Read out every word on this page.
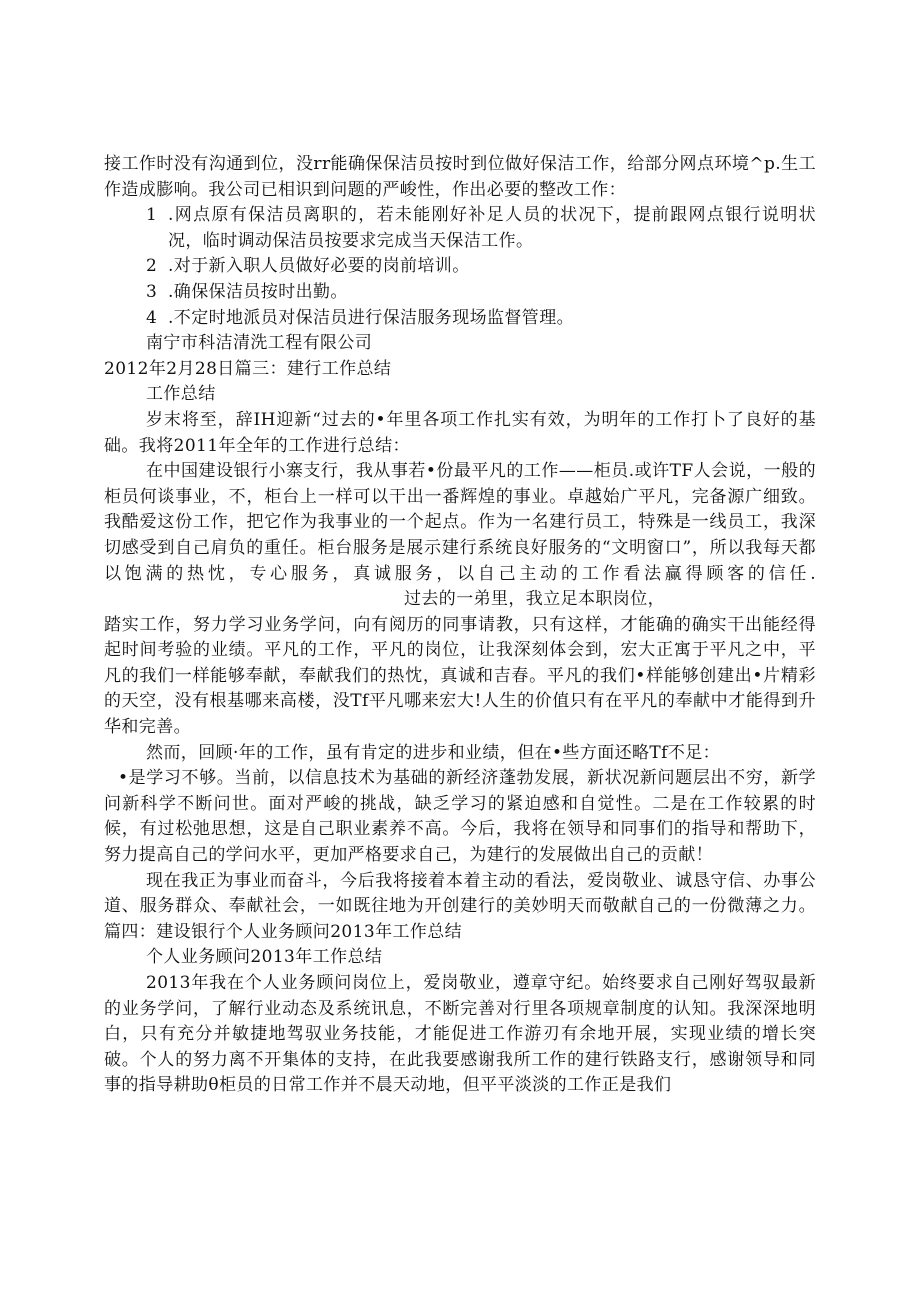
接工作时没有沟通到位，没rr能确保保洁员按时到位做好保洁工作，给部分网点环境^p.生工作造成膨响。我公司已相识到问题的严峻性，作出必要的整改工作：

1 .网点原有保洁员离职的，若未能刚好补足人员的状况下，提前跟网点银行说明状况，临时调动保洁员按要求完成当天保洁工作。

2 .对于新入职人员做好必要的岗前培训。

3 .确保保洁员按时出勤。

4 .不定时地派员对保洁员进行保洁服务现场监督管理。

南宁市科洁清洗工程有限公司

2012年2月28日篇三：建行工作总结

工作总结

岁末将至，辞IH迎新“过去的•年里各项工作扎实有效，为明年的工作打卜了良好的基础。我将2011年全年的工作进行总结：

在中国建设银行小寨支行，我从事若•份最平凡的工作——柜员.或许TF人会说，一般的柜员何谈事业，不，柜台上一样可以干出一番辉煌的事业。卓越始广平凡，完备源广细致。我酷爱这份工作，把它作为我事业的一个起点。作为一名建行员工，特殊是一线员工，我深切感受到自己肩负的重任。柜台服务是展示建行系统良好服务的“文明窗口”，所以我每天都以饱满的热忱，专心服务，真诚服务，以自己主动的工作看法赢得顾客的信任.过去的一弟里，我立足本职岗位，

踏实工作，努力学习业务学问，向有阅历的同事请教，只有这样，才能确的确实干出能经得起时间考验的业绩。平凡的工作，平凡的岗位，让我深刻体会到，宏大正寓于平凡之中，平凡的我们一样能够奉献，奉献我们的热忱，真诚和吉春。平凡的我们•样能够创建出•片精彩的天空，没有根基哪来高楼，没Tf平凡哪来宏大!人生的价值只有在平凡的奉献中才能得到升华和完善。

然而，回顾·年的工作，虽有肯定的进步和业绩，但在•些方面还略Tf不足：

•是学习不够。当前，以信息技术为基础的新经济蓬勃发展，新状况新问题层出不穷，新学问新科学不断问世。面对严峻的挑战，缺乏学习的紧迫感和自觉性。二是在工作较累的时候，有过松弛思想，这是自己职业素养不高。今后，我将在领导和同事们的指导和帮助下，努力提高自己的学问水平，更加严格要求自己，为建行的发展做出自己的贡献！

现在我正为事业而奋斗，今后我将接着本着主动的看法，爱岗敬业、诚恳守信、办事公道、服务群众、奉献社会，一如既往地为开创建行的美妙明天而敬献自己的一份微薄之力。篇四：建设银行个人业务顾问2013年工作总结

个人业务顾问2013年工作总结

2013年我在个人业务顾问岗位上，爱岗敬业，遵章守纪。始终要求自己刚好驾驭最新的业务学问，了解行业动态及系统讯息，不断完善对行里各项规章制度的认知。我深深地明白，只有充分并敏捷地驾驭业务技能，才能促进工作游刃有余地开展，实现业绩的增长突破。个人的努力离不开集体的支持，在此我要感谢我所工作的建行铁路支行，感谢领导和同事的指导耕助θ柜员的日常工作并不晨天动地，但平平淡淡的工作正是我们
